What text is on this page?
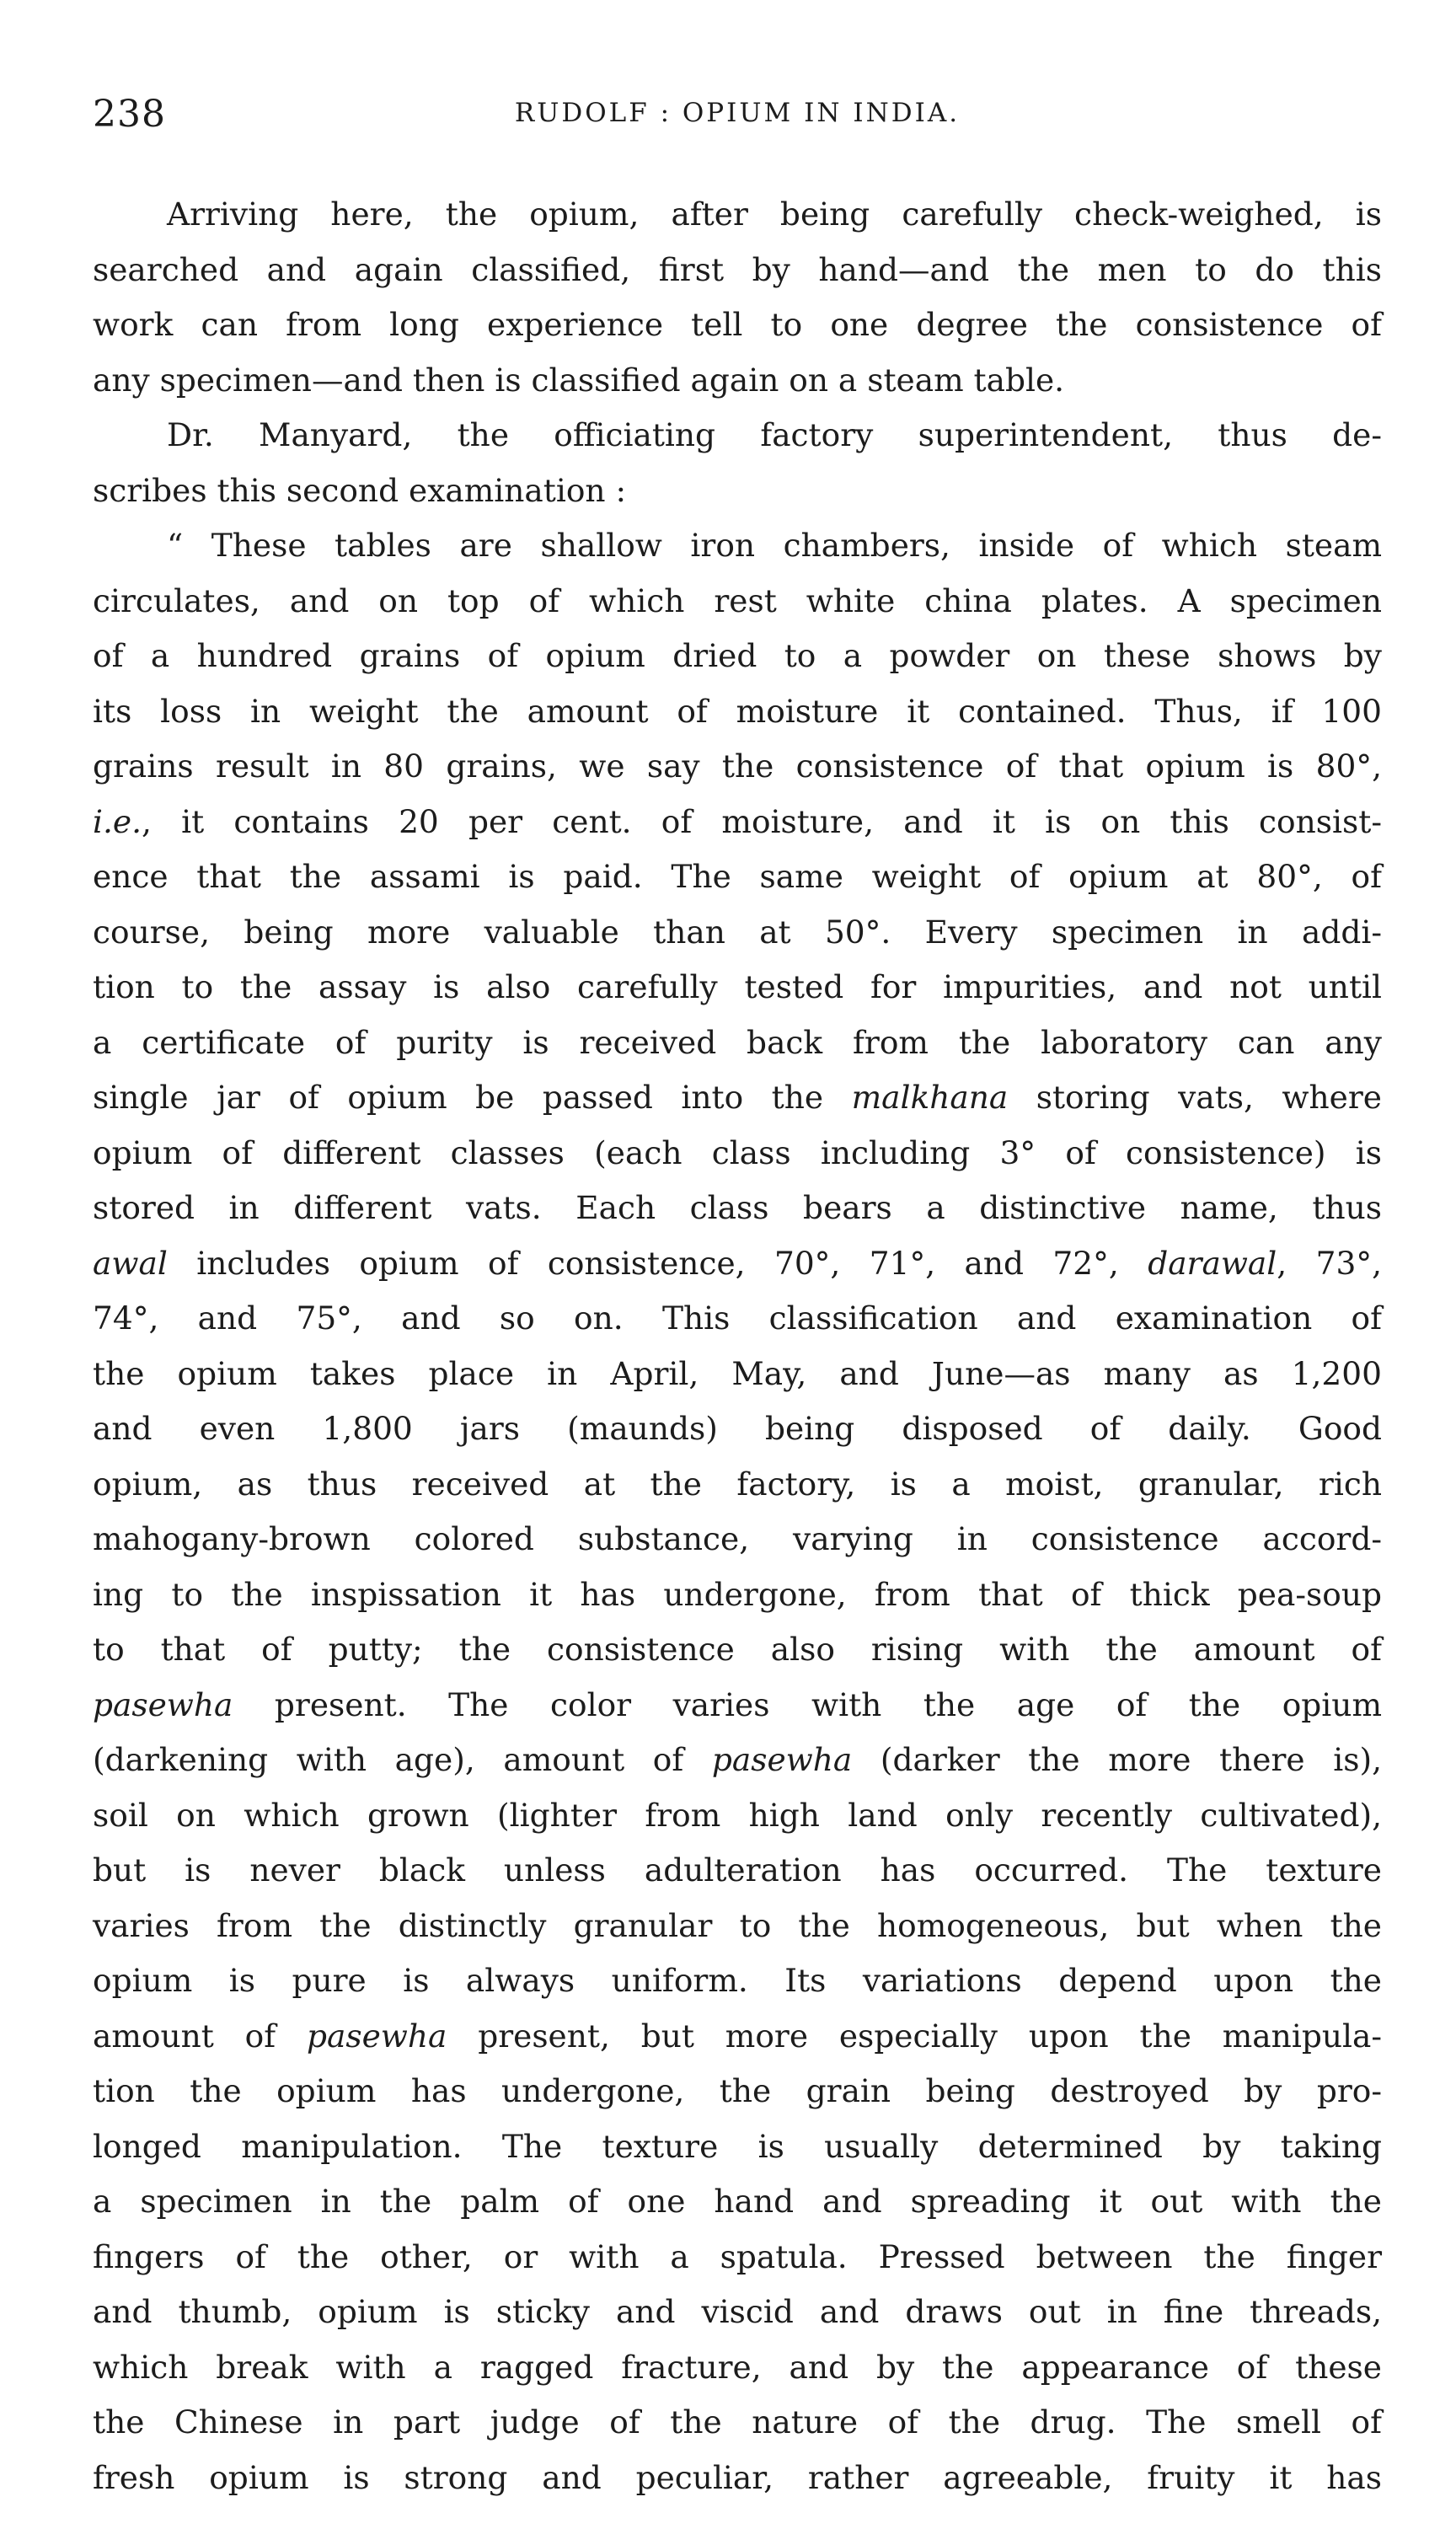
238	RUDOLF : OPIUM IN INDIA.
Arriving here, the opium, after being carefully check-weighed, is
searched and again classified, first by hand—and the men to do this
work can from long experience tell to one degree the consistence of
any specimen—and then is classified again on a steam table.
Dr. Manyard, the officiating factory superintendent, thus de-
scribes this second examination :
“ These tables are shallow iron chambers, inside of which steam
circulates, and on top of which rest white china plates. A specimen
of a hundred grains of opium dried to a powder on these shows by
its loss in weight the amount of moisture it contained. Thus, if 100
grains result in 80 grains, we say the consistence of that opium is 80°,
i.e., it contains 20 per cent. of moisture, and it is on this consist-
ence that the assami is paid. The same weight of opium at 80°, of
course, being more valuable than at 50°. Every specimen in addi-
tion to the assay is also carefully tested for impurities, and not until
a certificate of purity is received back from the laboratory can any
single jar of opium be passed into the malkhana storing vats, where
opium of different classes (each class including 3° of consistence) is
stored in different vats. Each class bears a distinctive name, thus
awal includes opium of consistence, 70°, 71°, and 72°, darawal, 73°,
74°, and 75°, and so on. This classification and examination of
the opium takes place in April, May, and June—as many as 1,200
and even 1,800 jars (maunds) being disposed of daily. Good
opium, as thus received at the factory, is a moist, granular, rich
mahogany-brown colored substance, varying in consistence accord-
ing to the inspissation it has undergone, from that of thick pea-soup
to that of putty; the consistence also rising with the amount of
pasewha present. The color varies with the age of the opium
(darkening with age), amount of pasewha (darker the more there is),
soil on which grown (lighter from high land only recently cultivated),
but is never black unless adulteration has occurred. The texture
varies from the distinctly granular to the homogeneous, but when the
opium is pure is always uniform. Its variations depend upon the
amount of pasewha present, but more especially upon the manipula-
tion the opium has undergone, the grain being destroyed by pro-
longed manipulation. The texture is usually determined by taking
a specimen in the palm of one hand and spreading it out with the
fingers of the other, or with a spatula. Pressed between the finger
and thumb, opium is sticky and viscid and draws out in fine threads,
which break with a ragged fracture, and by the appearance of these
the Chinese in part judge of the nature of the drug. The smell of
fresh opium is strong and peculiar, rather agreeable, fruity it has
